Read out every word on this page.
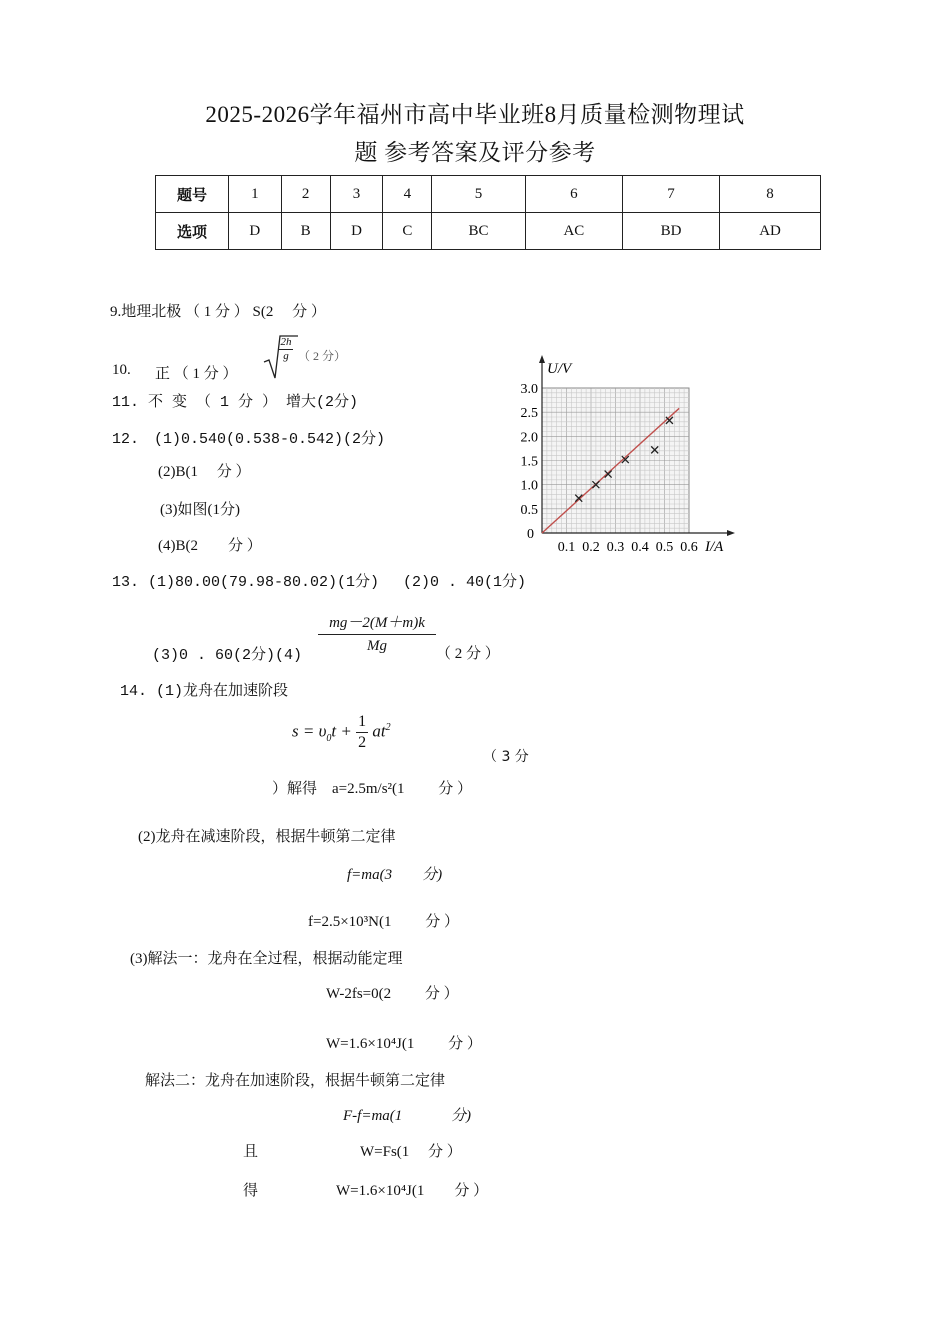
2025-2026学年福州市高中毕业班8月质量检测物理试
题 参考答案及评分参考
题号	1	2	3	4	5	6	7	8
选项	D	B	D	C	BC	AC	BD	AD
9.地理北极 （ 1 分 ） S(2　 分 ）
10. 正 （ 1 分 ）
$\frac{2h}{g}$ （ 2 分）
11. 不 变 （ 1 分 ） 增大(2分)
12.　(1)0.540(0.538-0.542)(2分)
(2)B(1　 分 ）
(3)如图(1分)
(4)B(2　　分 ）
U/V
I/A
0
0.5
1.0
1.5
2.0
2.5
3.0
0.1 0.2 0.3 0.4 0.5 0.6
13. (1)80.00(79.98-80.02)(1分)　 (2)0 . 40(1分)
mg－2(M＋m)k
Mg
(3)0 . 60(2分)(4)	（ 2 分 ）
14. (1)龙舟在加速阶段
$s = \upsilon_0t + \frac{1}{2} at^2$
（ 3 分
）解得　a=2.5m/s²(1　　 分 ）
(2)龙舟在减速阶段，根据牛顿第二定律
f=ma(3　　分)
f=2.5×10³N(1　　 分 ）
(3)解法一：龙舟在全过程，根据动能定理
W-2fs=0(2　　 分 ）
W=1.6×10⁴J(1　　 分 ）
解法二：龙舟在加速阶段，根据牛顿第二定律
F-f=ma(1　　　 分)
且	W=Fs(1　 分 ）
得	W=1.6×10⁴J(1　　分 ）
